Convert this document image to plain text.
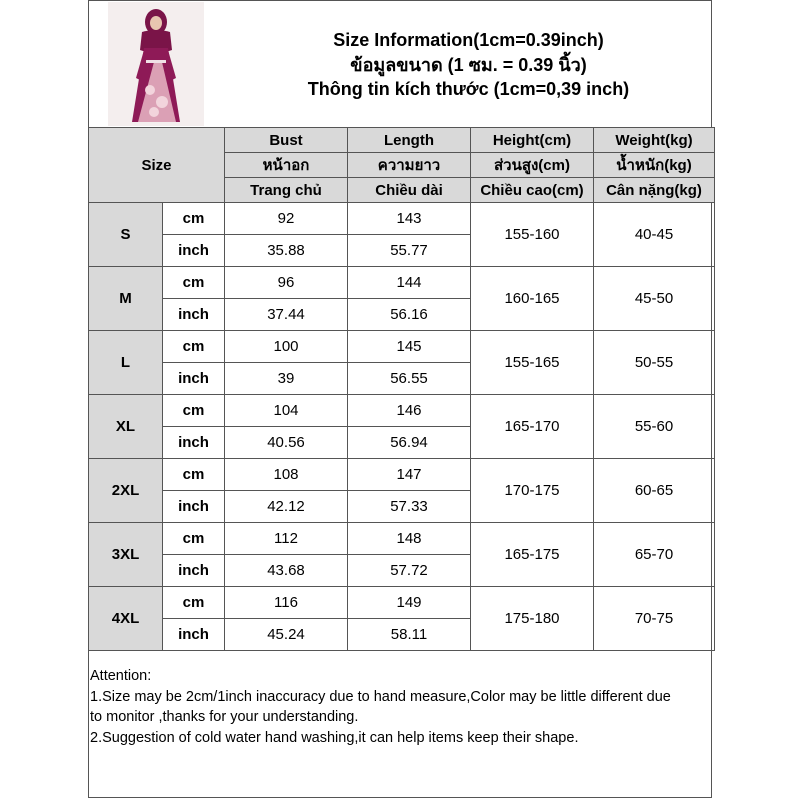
Size Information(1cm=0.39inch)
ข้อมูลขนาด (1 ซม. = 0.39 นิ้ว)
Thông tin kích thước (1cm=0,39 inch)
Size		Bust	Length	Height(cm)	Weight(kg)
		หน้าอก	ความยาว	ส่วนสูง(cm)	น้ำหนัก(kg)
		Trang chủ	Chiều dài	Chiều cao(cm)	Cân nặng(kg)
S	cm	92	143	155-160	40-45
	inch	35.88	55.77		
M	cm	96	144	160-165	45-50
	inch	37.44	56.16		
L	cm	100	145	155-165	50-55
	inch	39	56.55		
XL	cm	104	146	165-170	55-60
	inch	40.56	56.94		
2XL	cm	108	147	170-175	60-65
	inch	42.12	57.33		
3XL	cm	112	148	165-175	65-70
	inch	43.68	57.72		
4XL	cm	116	149	175-180	70-75
	inch	45.24	58.11		
Attention:
1.Size may be 2cm/1inch inaccuracy due to hand measure,Color may be little different due
to monitor ,thanks for your understanding.
2.Suggestion of cold water hand washing,it can help items keep their shape.
